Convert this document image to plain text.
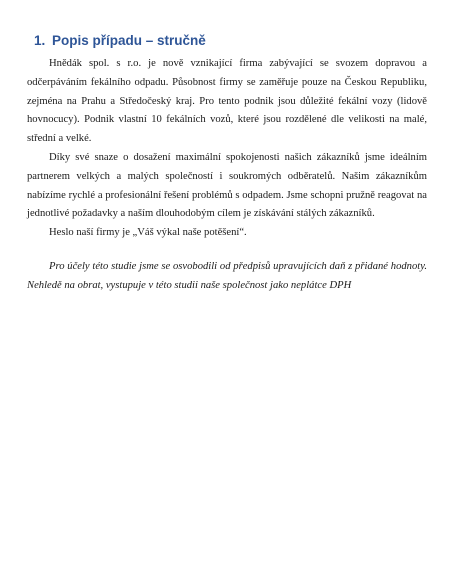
1. Popis případu – stručně

Hnědák spol. s r.o. je nově vznikající firma zabývající se svozem dopravou a odčerpáváním fekálního odpadu. Působnost firmy se zaměřuje pouze na Českou Republiku, zejména na Prahu a Středočeský kraj. Pro tento podnik jsou důležité fekální vozy (lidově hovnocucy). Podnik vlastní 10 fekálních vozů, které jsou rozdělené dle velikosti na malé, střední a velké.

Díky své snaze o dosažení maximální spokojenosti našich zákazníků jsme ideálním partnerem velkých a malých společností i soukromých odběratelů. Našim zákazníkům nabízíme rychlé a profesionální řešení problémů s odpadem. Jsme schopni pružně reagovat na jednotlivé požadavky a naším dlouhodobým cílem je získávání stálých zákazníků.

Heslo naší firmy je „Váš výkal naše potěšení“.

Pro účely této studie jsme se osvobodili od předpisů upravujících daň z přidané hodnoty. Nehledě na obrat, vystupuje v této studii naše společnost jako neplátce DPH
